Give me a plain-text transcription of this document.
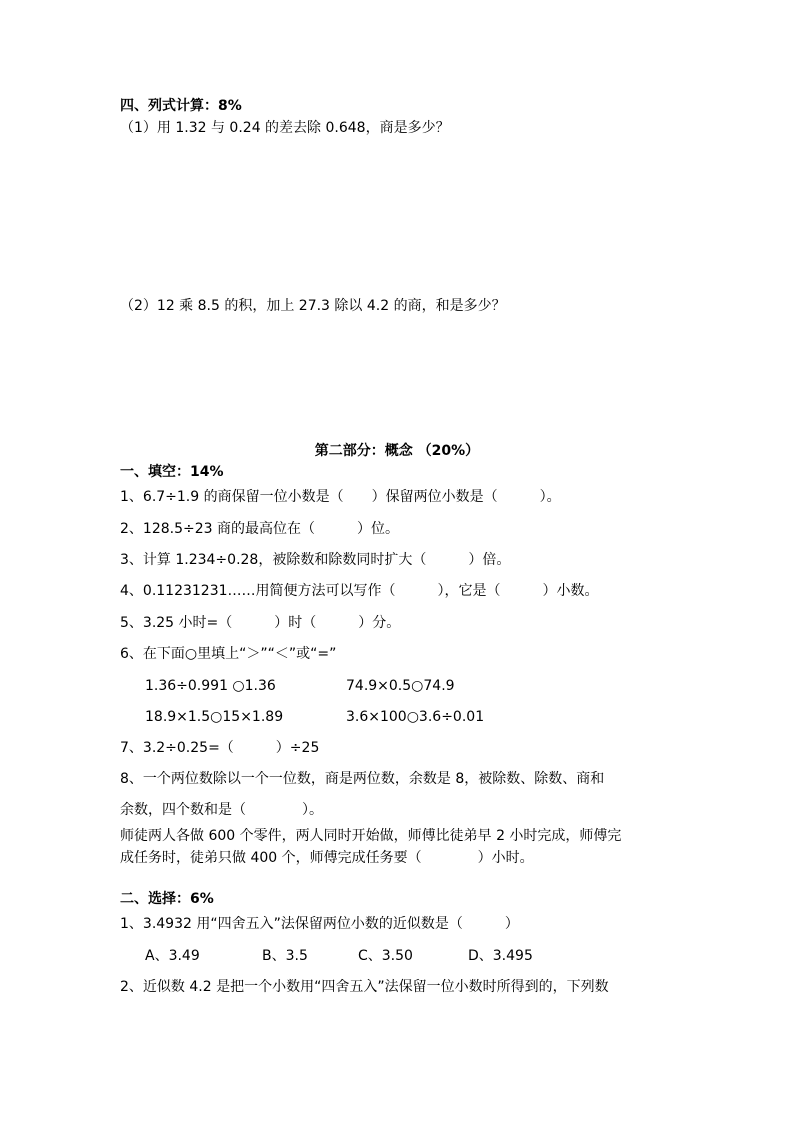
四、列式计算：8%
（1）用 1.32 与 0.24 的差去除 0.648，商是多少？
（2）12 乘 8.5 的积，加上 27.3 除以 4.2 的商，和是多少？
第二部分：概念 （20%）
一、填空：14%
1、6.7÷1.9 的商保留一位小数是（　　）保留两位小数是（　　　）。
2、128.5÷23 商的最高位在（　　　）位。
3、计算 1.234÷0.28，被除数和除数同时扩大（　　　）倍。
4、0.11231231……用简便方法可以写作（　　　），它是（　　　）小数。
5、3.25 小时=（　　　）时（　　　）分。
6、在下面○里填上“＞”“＜”或“=”
1.36÷0.991 ○1.36	74.9×0.5○74.9
18.9×1.5○15×1.89	3.6×100○3.6÷0.01
7、3.2÷0.25=（　　　）÷25
8、一个两位数除以一个一位数，商是两位数，余数是 8，被除数、除数、商和
余数，四个数和是（　　　　）。
师徒两人各做 600 个零件，两人同时开始做，师傅比徒弟早 2 小时完成，师傅完
成任务时，徒弟只做 400 个，师傅完成任务要（　　　　）小时。
二、选择：6%
1、3.4932 用“四舍五入”法保留两位小数的近似数是（　　　）
A、3.49	B、3.5	C、3.50	D、3.495
2、近似数 4.2 是把一个小数用“四舍五入”法保留一位小数时所得到的，下列数
